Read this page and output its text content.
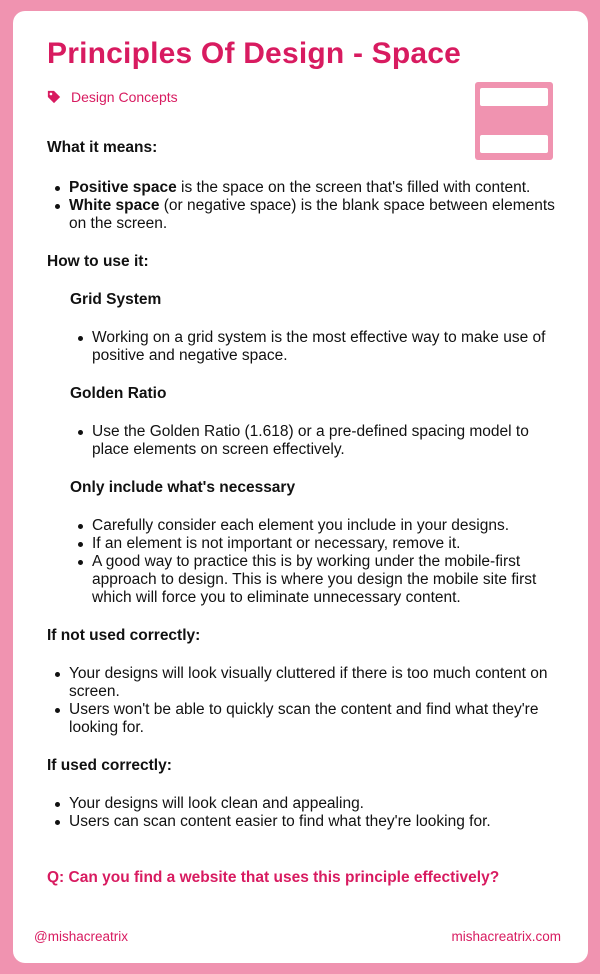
Principles Of Design - Space
Design Concepts

What it means:

Positive space is the space on the screen that's filled with content.
White space (or negative space) is the blank space between elements on the screen.

How to use it:

Grid System

Working on a grid system is the most effective way to make use of positive and negative space.

Golden Ratio

Use the Golden Ratio (1.618) or a pre-defined spacing model to place elements on screen effectively.

Only include what's necessary

Carefully consider each element you include in your designs.
If an element is not important or necessary, remove it.
A good way to practice this is by working under the mobile-first approach to design. This is where you design the mobile site first which will force you to eliminate unnecessary content.

If not used correctly:

Your designs will look visually cluttered if there is too much content on screen.
Users won't be able to quickly scan the content and find what they're looking for.

If used correctly:

Your designs will look clean and appealing.
Users can scan content easier to find what they're looking for.

Q: Can you find a website that uses this principle effectively?

@mishacreatrix	mishacreatrix.com
